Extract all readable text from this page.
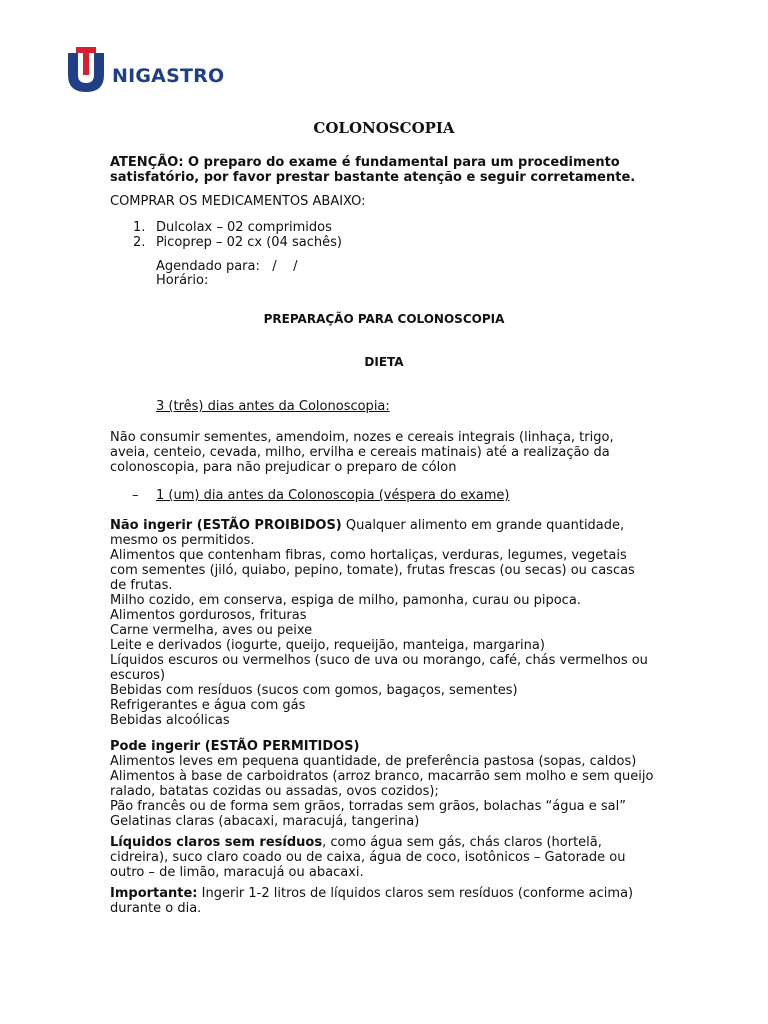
NIGASTRO
COLONOSCOPIA
ATENÇÃO: O preparo do exame é fundamental para um procedimento satisfatório, por favor prestar bastante atenção e seguir corretamente.
COMPRAR OS MEDICAMENTOS ABAIXO:
1. Dulcolax – 02 comprimidos
2. Picoprep – 02 cx (04 sachês)
Agendado para:   /    /
Horário:
PREPARAÇÃO PARA COLONOSCOPIA
DIETA
3 (três) dias antes da Colonoscopia:
Não consumir sementes, amendoim, nozes e cereais integrais (linhaça, trigo, aveia, centeio, cevada, milho, ervilha e cereais matinais) até a realização da colonoscopia, para não prejudicar o preparo de cólon
–	1 (um) dia antes da Colonoscopia (véspera do exame)

Não ingerir (ESTÃO PROIBIDOS) Qualquer alimento em grande quantidade, mesmo os permitidos.

Alimentos que contenham fibras, como hortaliças, verduras, legumes, vegetais com sementes (jiló, quiabo, pepino, tomate), frutas frescas (ou secas) ou cascas de frutas.

Milho cozido, em conserva, espiga de milho, pamonha, curau ou pipoca.

Alimentos gordurosos, frituras

Carne vermelha, aves ou peixe

Leite e derivados (iogurte, queijo, requeijão, manteiga, margarina)

Líquidos escuros ou vermelhos (suco de uva ou morango, café, chás vermelhos ou escuros)

Bebidas com resíduos (sucos com gomos, bagaços, sementes)

Refrigerantes e água com gás

Bebidas alcoólicas

Pode ingerir (ESTÃO PERMITIDOS)

Alimentos leves em pequena quantidade, de preferência pastosa (sopas, caldos)

Alimentos à base de carboidratos (arroz branco, macarrão sem molho e sem queijo ralado, batatas cozidas ou assadas, ovos cozidos);

Pão francês ou de forma sem grãos, torradas sem grãos, bolachas “água e sal”

Gelatinas claras (abacaxi, maracujá, tangerina)

Líquidos claros sem resíduos, como água sem gás, chás claros (hortelã, cidreira), suco claro coado ou de caixa, água de coco, isotônicos – Gatorade ou outro – de limão, maracujá ou abacaxi.
Importante: Ingerir 1-2 litros de líquidos claros sem resíduos (conforme acima) durante o dia.
